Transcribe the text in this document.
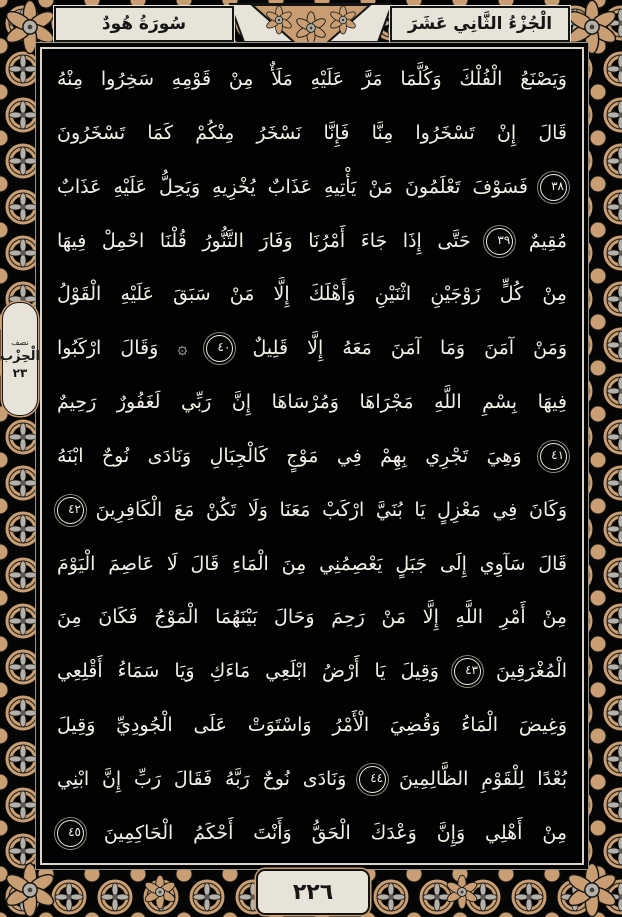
سُورَةُ هُودٌ	الْجُزْءُ الثَّانِي عَشَرَ
وَيَصْنَعُ الْفُلْكَ وَكُلَّمَا مَرَّ عَلَيْهِ مَلَأٌ مِنْ قَوْمِهِ سَخِرُوا مِنْهُ
قَالَ إِنْ تَسْخَرُوا مِنَّا فَإِنَّا نَسْخَرُ مِنْكُمْ كَمَا تَسْخَرُونَ
٣٨ فَسَوْفَ تَعْلَمُونَ مَنْ يَأْتِيهِ عَذَابٌ يُخْزِيهِ وَيَحِلُّ عَلَيْهِ عَذَابٌ
مُقِيمٌ ٣٩ حَتَّى إِذَا جَاءَ أَمْرُنَا وَفَارَ التَّنُّورُ قُلْنَا احْمِلْ فِيهَا
مِنْ كُلٍّ زَوْجَيْنِ اثْنَيْنِ وَأَهْلَكَ إِلَّا مَنْ سَبَقَ عَلَيْهِ الْقَوْلُ
وَمَنْ آمَنَ وَمَا آمَنَ مَعَهُ إِلَّا قَلِيلٌ ٤٠ ۞ وَقَالَ ارْكَبُوا
فِيهَا بِسْمِ اللَّهِ مَجْرَاهَا وَمُرْسَاهَا إِنَّ رَبِّي لَغَفُورٌ رَحِيمٌ
٤١ وَهِيَ تَجْرِي بِهِمْ فِي مَوْجٍ كَالْجِبَالِ وَنَادَى نُوحٌ ابْنَهُ
وَكَانَ فِي مَعْزِلٍ يَا بُنَيَّ ارْكَبْ مَعَنَا وَلَا تَكُنْ مَعَ الْكَافِرِينَ ٤٢
قَالَ سَآوِي إِلَى جَبَلٍ يَعْصِمُنِي مِنَ الْمَاءِ قَالَ لَا عَاصِمَ الْيَوْمَ
مِنْ أَمْرِ اللَّهِ إِلَّا مَنْ رَحِمَ وَحَالَ بَيْنَهُمَا الْمَوْجُ فَكَانَ مِنَ
الْمُغْرَقِينَ ٤٣ وَقِيلَ يَا أَرْضُ ابْلَعِي مَاءَكِ وَيَا سَمَاءُ أَقْلِعِي
وَغِيضَ الْمَاءُ وَقُضِيَ الْأَمْرُ وَاسْتَوَتْ عَلَى الْجُودِيِّ وَقِيلَ
بُعْدًا لِلْقَوْمِ الظَّالِمِينَ ٤٤ وَنَادَى نُوحٌ رَبَّهُ فَقَالَ رَبِّ إِنَّ ابْنِي
مِنْ أَهْلِي وَإِنَّ وَعْدَكَ الْحَقُّ وَأَنْتَ أَحْكَمُ الْحَاكِمِينَ ٤٥
نصف
الْحِزْب
٢٣
٢٢٦
